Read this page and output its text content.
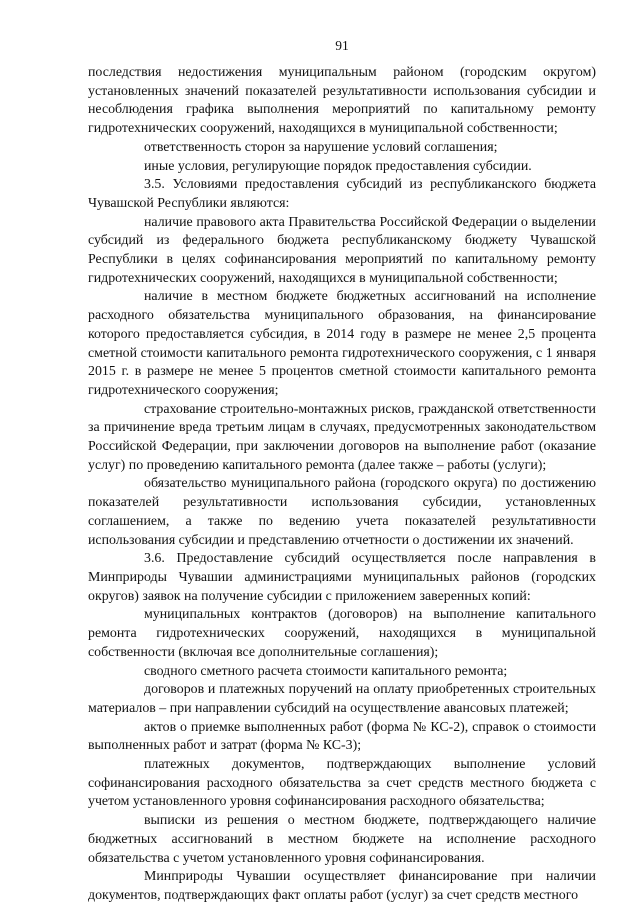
91

последствия недостижения муниципальным районом (городским округом) установленных значений показателей результативности использования субсидии и несоблюдения графика выполнения мероприятий по капитальному ремонту гидротехнических сооружений, находящихся в муниципальной собственности;

ответственность сторон за нарушение условий соглашения;

иные условия, регулирующие порядок предоставления субсидии.

3.5. Условиями предоставления субсидий из республиканского бюджета Чувашской Республики являются:

наличие правового акта Правительства Российской Федерации о выделении субсидий из федерального бюджета республиканскому бюджету Чувашской Республики в целях софинансирования мероприятий по капитальному ремонту гидротехнических сооружений, находящихся в муниципальной собственности;

наличие в местном бюджете бюджетных ассигнований на исполнение расходного обязательства муниципального образования, на финансирование которого предоставляется субсидия, в 2014 году в размере не менее 2,5 процента сметной стоимости капитального ремонта гидротехнического сооружения, с 1 января 2015 г. в размере не менее 5 процентов сметной стоимости капитального ремонта гидротехнического сооружения;

страхование строительно-монтажных рисков, гражданской ответственности за причинение вреда третьим лицам в случаях, предусмотренных законодательством Российской Федерации, при заключении договоров на выполнение работ (оказание услуг) по проведению капитального ремонта (далее также – работы (услуги);

обязательство муниципального района (городского округа) по достижению показателей результативности использования субсидии, установленных соглашением, а также по ведению учета показателей результативности использования субсидии и представлению отчетности о достижении их значений.

3.6. Предоставление субсидий осуществляется после направления в Минприроды Чувашии администрациями муниципальных районов (городских округов) заявок на получение субсидии с приложением заверенных копий:

муниципальных контрактов (договоров) на выполнение капитального ремонта гидротехнических сооружений, находящихся в муниципальной собственности (включая все дополнительные соглашения);

сводного сметного расчета стоимости капитального ремонта;

договоров и платежных поручений на оплату приобретенных строительных материалов – при направлении субсидий на осуществление авансовых платежей;

актов о приемке выполненных работ (форма № КС-2), справок о стоимости выполненных работ и затрат (форма № КС-3);

платежных документов, подтверждающих выполнение условий софинансирования расходного обязательства за счет средств местного бюджета с учетом установленного уровня софинансирования расходного обязательства;

выписки из решения о местном бюджете, подтверждающего наличие бюджетных ассигнований в местном бюджете на исполнение расходного обязательства с учетом установленного уровня софинансирования.

Минприроды Чувашии осуществляет финансирование при наличии документов, подтверждающих факт оплаты работ (услуг) за счет средств местного
